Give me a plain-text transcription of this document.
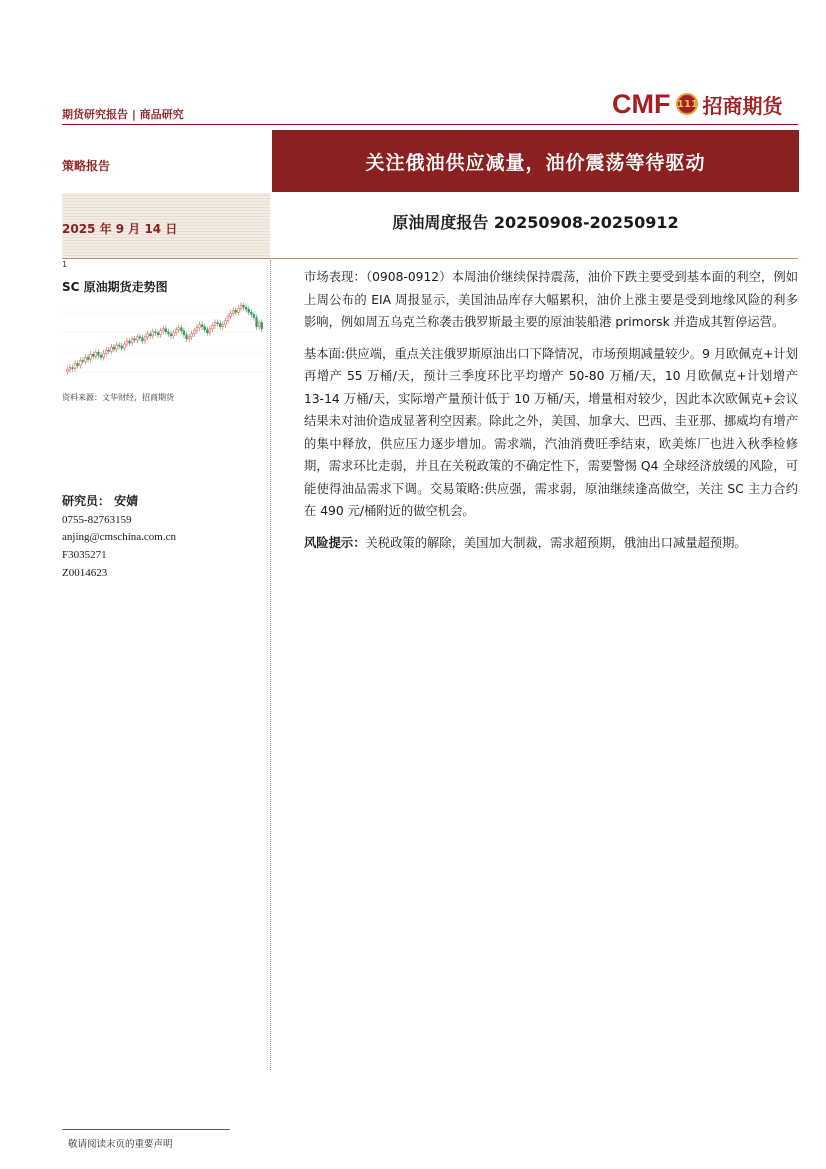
期货研究报告 | 商品研究	CMF 111 招商期货
策略报告	关注俄油供应减量，油价震荡等待驱动
2025 年 9 月 14 日	原油周度报告 20250908-20250912
1
SC 原油期货走势图
资料来源：文华财经，招商期货
研究员： 安婧
0755-82763159
anjing@cmschina.com.cn
F3035271
Z0014623

市场表现：（0908-0912）本周油价继续保持震荡，油价下跌主要受到基本面的利空，例如上周公布的 EIA 周报显示，美国油品库存大幅累积，油价上涨主要是受到地缘风险的利多影响，例如周五乌克兰称袭击俄罗斯最主要的原油装船港 primorsk 并造成其暂停运营。

基本面:供应端，重点关注俄罗斯原油出口下降情况，市场预期减量较少。9 月欧佩克+计划再增产 55 万桶/天，预计三季度环比平均增产 50-80 万桶/天，10 月欧佩克+计划增产 13-14 万桶/天，实际增产量预计低于 10 万桶/天，增量相对较少，因此本次欧佩克+会议结果未对油价造成显著利空因素。除此之外，美国、加拿大、巴西、圭亚那、挪威均有增产的集中释放，供应压力逐步增加。需求端，汽油消费旺季结束，欧美炼厂也进入秋季检修期，需求环比走弱，并且在关税政策的不确定性下，需要警惕 Q4 全球经济放缓的风险，可能使得油品需求下调。交易策略:供应强，需求弱，原油继续逢高做空，关注 SC 主力合约在 490 元/桶附近的做空机会。

风险提示：关税政策的解除，美国加大制裁，需求超预期，俄油出口减量超预期。

敬请阅读末页的重要声明
